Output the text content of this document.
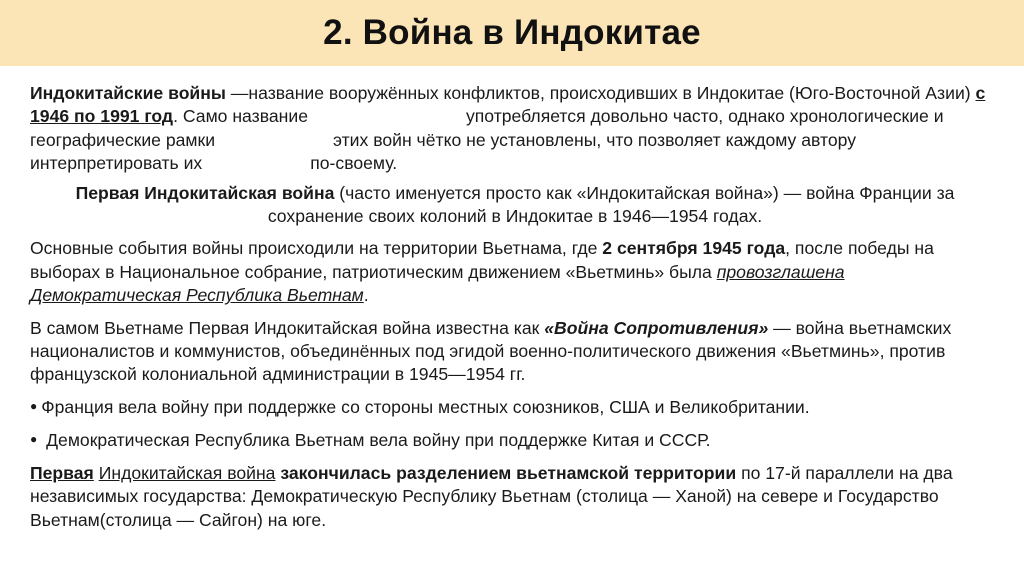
2. Война в Индокитае

Индокитайские войны —название вооружённых конфликтов, происходивших в Индокитае (Юго-Восточной Азии) с 1946 по 1991 год. Само название	употребляется довольно часто, однако хронологические и географические рамки	этих войн чётко не установлены, что позволяет каждому автору интерпретировать их	по-своему.

Первая Индокитайская война (часто именуется просто как «Индокитайская война») — война Франции за сохранение своих колоний в Индокитае в 1946—1954 годах.

Основные события войны происходили на территории Вьетнама, где 2 сентября 1945 года, после победы на выборах в Национальное собрание, патриотическим движением «Вьетминь» была провозглашена Демократическая Республика Вьетнам.

В самом Вьетнаме Первая Индокитайская война известна как «Война Сопротивления» — война вьетнамских националистов и коммунистов, объединённых под эгидой военно-политического движения «Вьетминь», против французской колониальной администрации в 1945—1954 гг.

● Франция вела войну при поддержке со стороны местных союзников, США и Великобритании.

● Демократическая Республика Вьетнам вела войну при поддержке Китая и СССР.

Первая Индокитайская война закончилась разделением вьетнамской территории по 17-й параллели на два независимых государства: Демократическую Республику Вьетнам (столица — Ханой) на севере и Государство Вьетнам(столица — Сайгон) на юге.
